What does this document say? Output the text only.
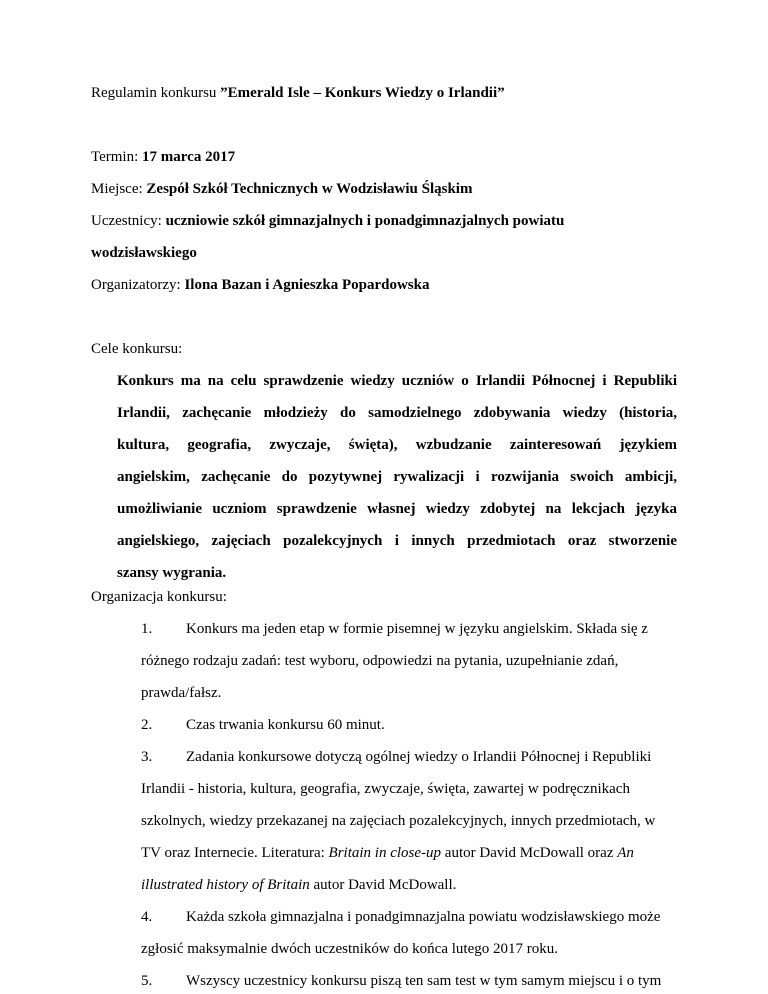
Regulamin konkursu ”Emerald Isle – Konkurs Wiedzy o Irlandii”
Termin: 17 marca 2017
Miejsce: Zespół Szkół Technicznych w Wodzisławiu Śląskim
Uczestnicy: uczniowie szkół gimnazjalnych i ponadgimnazjalnych powiatu
wodzisławskiego
Organizatorzy: Ilona Bazan i Agnieszka Popardowska
Cele konkursu:
Konkurs ma na celu sprawdzenie wiedzy uczniów o Irlandii Północnej i Republiki
Irlandii, zachęcanie młodzieży do samodzielnego zdobywania wiedzy (historia,
kultura, geografia, zwyczaje, święta), wzbudzanie zainteresowań językiem
angielskim, zachęcanie do pozytywnej rywalizacji i rozwijania swoich ambicji,
umożliwianie uczniom sprawdzenie własnej wiedzy zdobytej na lekcjach języka
angielskiego, zajęciach pozalekcyjnych i innych przedmiotach oraz stworzenie
szansy wygrania.
Organizacja konkursu:
1. Konkurs ma jeden etap w formie pisemnej w języku angielskim. Składa się z
różnego rodzaju zadań: test wyboru, odpowiedzi na pytania, uzupełnianie zdań,
prawda/fałsz.
2. Czas trwania konkursu 60 minut.
3. Zadania konkursowe dotyczą ogólnej wiedzy o Irlandii Północnej i Republiki
Irlandii - historia, kultura, geografia, zwyczaje, święta, zawartej w podręcznikach
szkolnych, wiedzy przekazanej na zajęciach pozalekcyjnych, innych przedmiotach, w
TV oraz Internecie. Literatura: Britain in close-up autor David McDowall oraz An
illustrated history of Britain autor David McDowall.
4. Każda szkoła gimnazjalna i ponadgimnazjalna powiatu wodzisławskiego może
zgłosić maksymalnie dwóch uczestników do końca lutego 2017 roku.
5. Wszyscy uczestnicy konkursu piszą ten sam test w tym samym miejscu i o tym
